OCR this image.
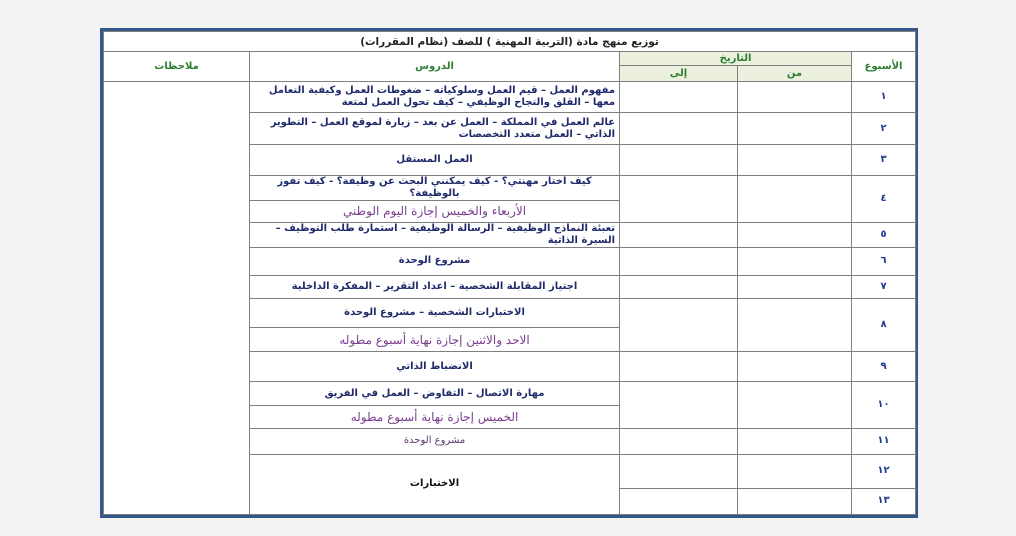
توزيع منهج مادة (التربية المهنية ) للصف (نظام المقررات)				
الأسبوع	التاريخ		الدروس	ملاحظات
	من	إلى		
١			مفهوم العمل – قيم العمل وسلوكياته – ضغوطات العمل وكيفية التعامل معها – القلق والتجاح الوظيفي – كيف تحول العمل لمتعة	
٢			عالم العمل في المملكة – العمل عن بعد – زيارة لموقع العمل – التطوير الذاتي – العمل متعدد التخصصات	
٣			العمل المستقل	
٤			كيف اختار مهنتي؟ - كيف يمكنني البحث عن وظيفة؟ - كيف تفوز بالوظيفة؟	
			الأربعاء والخميس إجازة اليوم الوطني	
٥			تعبئة النماذج الوظيفية – الرسالة الوظيفية – استمارة طلب التوظيف – السيرة الذاتية	
٦			مشروع الوحدة	
٧			اجتياز المقابلة الشخصية – اعداد التقرير – المفكرة الداخلية	
٨			الاختبارات الشخصية – مشروع الوحدة	
			الاحد والاثنين إجازة نهاية أسبوع مطوله	
٩			الانضباط الذاتي	
١٠			مهارة الاتصال – التفاوض – العمل في الفريق	
			الخميس إجازة نهاية أسبوع مطوله	
١١			مشروع الوحدة	
١٢			الاختبارات	
١٣				
